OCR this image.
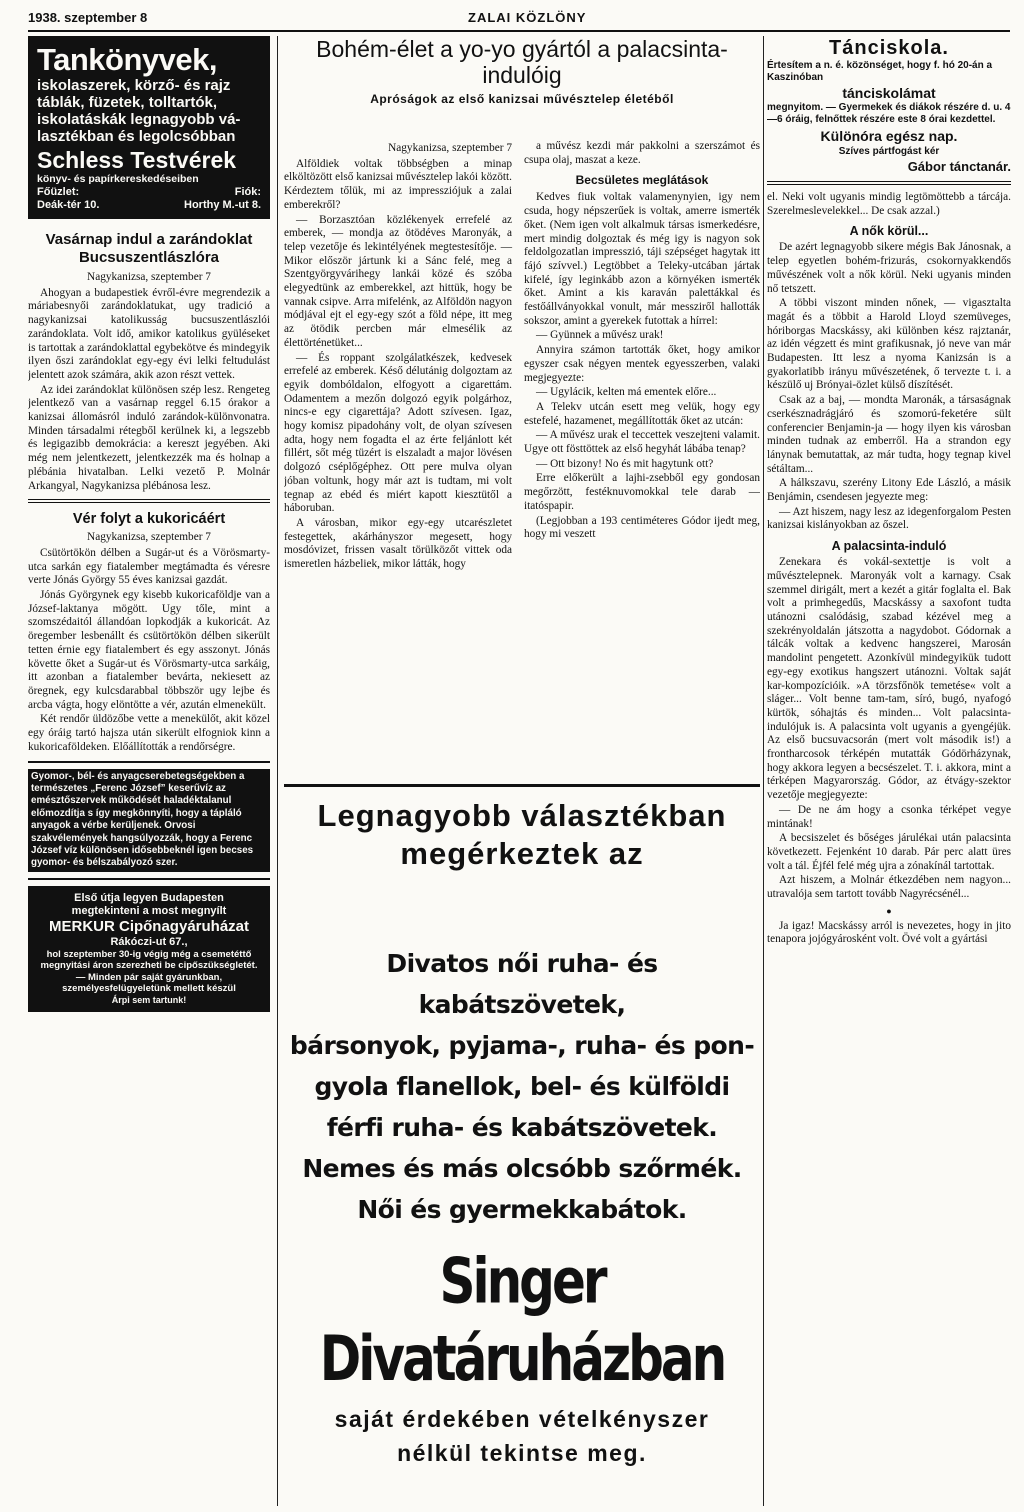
1938. szeptember 8	ZALAI KÖZLÖNY
Tankönyvek,
iskolaszerek, körző- és rajz
táblák, füzetek, tolltartók,
iskolatáskák legnagyobb vá-
lasztékban és legolcsóbban
Schless Testvérek
könyv- és papírkereskedéseiben
Főüzlet:	Fiók:
Deák-tér 10.	Horthy M.-ut 8.
Vasárnap indul a zarándoklat Bucsuszentlászlóra
Nagykanizsa, szeptember 7

Ahogyan a budapestiek évről-évre megrendezik a máriabesnyői zarándoklatukat, ugy tradició a nagykanizsai katolikusság bucsuszentlászlói zarándoklata. Volt idő, amikor katolikus gyüléseket is tartottak a zarándoklattal egybekötve és mindegyik ilyen őszi zarándoklat egy-egy évi lelki feltudulást jelentett azok számára, akik azon részt vettek.

Az idei zarándoklat különösen szép lesz. Rengeteg jelentkező van a vasárnap reggel 6.15 órakor a kanizsai állomásról induló zarándok-különvonatra. Minden társadalmi rétegből kerülnek ki, a legszebb és legigazibb demokrácia: a kereszt jegyében. Aki még nem jelentkezett, jelentkezzék ma és holnap a plébánia hivatalban. Lelki vezető P. Molnár Arkangyal, Nagykanizsa plébánosa lesz.

Vér folyt a kukoricáért
Nagykanizsa, szeptember 7

Csütörtökön délben a Sugár-ut és a Vörösmarty-utca sarkán egy fiatalember megtámadta és véresre verte Jónás György 55 éves kanizsai gazdát.

Jónás Györgynek egy kisebb kukoricaföldje van a József-laktanya mögött. Ugy tőle, mint a szomszédaitól állandóan lopkodják a kukoricát. Az öregember lesbenállt és csütörtökön délben sikerült tetten érnie egy fiatalembert és egy asszonyt. Jónás követte őket a Sugár-ut és Vörösmarty-utca sarkáig, itt azonban a fiatalember bevárta, nekiesett az öregnek, egy kulcsdarabbal többször ugy lejbe és arcba vágta, hogy elöntötte a vér, azután elmenekült.

Két rendőr üldözőbe vette a menekülőt, akit közel egy óráig tartó hajsza után sikerült elfogniok kinn a kukoricaföldeken. Előállították a rendőrségre.

Gyomor-, bél- és anyagcserebetegségekben a természetes „Ferenc József” keserűvíz az emésztőszervek működését haladéktalanul előmozdítja s így megkönnyíti, hogy a tápláló anyagok a vérbe kerüljenek. Orvosi szakvélemények hangsúlyozzák, hogy a Ferenc József víz különösen idősebbeknél igen becses gyomor- és bélszabályozó szer.

Első útja legyen Budapesten
megtekinteni a most megnyílt
MERKUR Cipőnagyáruházat
Rákóczi-ut 67.,
hol szeptember 30-ig végig még a csemetéttő megnyitási áron szerezheti be cipőszükségletét. — Minden pár saját gyárunkban, személyesfelügyeletünk mellett készül
Árpi sem tartunk!
Bohém-élet a yo-yo gyártól a palacsinta-indulóig
Apróságok az első kanizsai művésztelep életéből
Nagykanizsa, szeptember 7

Alföldiek voltak többségben a minap elköltözött első kanizsai művésztelep lakói között. Kérdeztem tőlük, mi az impressziójuk a zalai emberekről?

— Borzasztóan közlékenyek errefelé az emberek, — mondja az ötödéves Maronyák, a telep vezetője és lekintélyének megtestesítője. — Mikor először jártunk ki a Sánc felé, meg a Szentgyörgyvárihegy lankái közé és szóba elegyedtünk az emberekkel, azt hittük, hogy be vannak csipve. Arra mifelénk, az Alföldön nagyon módjával ejt el egy-egy szót a föld népe, itt meg az ötödik percben már elmesélik az élettörténetüket...

— És roppant szolgálatkészek, kedvesek errefelé az emberek. Késő délutánig dolgoztam az egyik dombóldalon, elfogyott a cigarettám. Odamentem a mezőn dolgozó egyik polgárhoz, nincs-e egy cigarettája? Adott szívesen. Igaz, hogy komisz pipadohány volt, de olyan szívesen adta, hogy nem fogadta el az érte feljánlott két fillért, sőt még tüzért is elszaladt a major lövésen dolgozó cséplőgéphez. Ott pere mulva olyan jóban voltunk, hogy már azt is tudtam, mi volt tegnap az ebéd és miért kapott kiesztütől a háboruban.

A városban, mikor egy-egy utcarészletet festegettek, akárhányszor megesett, hogy mosdóvizet, frissen vasalt törülközőt vittek oda ismeretlen házbeliek, mikor látták, hogy

a művész kezdi már pakkolni a szerszámot és csupa olaj, maszat a keze.

Becsületes meglátások

Kedves fiuk voltak valamenynyien, igy nem csuda, hogy népszerűek is voltak, amerre ismerték őket. (Nem igen volt alkalmuk társas ismerkedésre, mert mindig dolgoztak és még igy is nagyon sok feldolgozatlan impresszió, táji szépséget hagytak itt fájó szívvel.) Legtöbbet a Teleky-utcában jártak kifelé, így leginkább azon a környéken ismerték őket. Amint a kis karaván palettákkal és festőállványokkal vonult, már messziről hallották sokszor, amint a gyerekek futottak a hírrel:

— Gyünnek a művész urak!

Annyira számon tartották őket, hogy amikor egyszer csak négyen mentek egyesszerben, valaki megjegyezte:

— Ugylácik, kelten má ementek előre...

A Telekv utcán esett meg velük, hogy egy estefelé, hazamenet, megállították őket az utcán:

— A művész urak el teccettek veszejteni valamit. Ugye ott fösttöttek az első hegyhát lábába tenap?

— Ott bizony! No és mit hagytunk ott?

Erre előkerült a lajhi-zsebből egy gondosan megőrzött, festéknuvomokkal tele darab — itatóspapir.

(Legjobban a 193 centiméteres Gódor ijedt meg, hogy mi veszett

Legnagyobb választékban
megérkeztek az
Divatos női ruha- és kabátszövetek,
bársonyok, pyjama-, ruha- és pon-
gyola flanellok, bel- és külföldi
férfi ruha- és kabátszövetek.
Nemes és más olcsóbb szőrmék.
Női és gyermekkabátok.
Singer Divatáruházban
saját érdekében vételkényszer
nélkül tekintse meg.
Tánciskola.
Értesítem a n. é. közönséget, hogy f. hó 20-án a Kaszinóban
tánciskolámat
megnyitom. — Gyermekek és diákok részére d. u. 4—6 óráig, felnőttek részére este 8 órai kezdettel.
Különóra egész nap.
Szíves pártfogást kér
Gábor tánctanár.

el. Neki volt ugyanis mindig legtömöttebb a tárcája. Szerelmeslevelekkel... De csak azzal.)

A nők körül...

De azért legnagyobb sikere mégis Bak Jánosnak, a telep egyetlen bohém-frizurás, csokornyakkendős művészének volt a nők körül. Neki ugyanis minden nő tetszett.

A többi viszont minden nőnek, — vigasztalta magát és a többit a Harold Lloyd szemüveges, hóriborgas Macskássy, aki különben kész rajztanár, az idén végzett és mint grafikusnak, jó neve van már Budapesten. Itt lesz a nyoma Kanizsán is a gyakorlatibb irányu művészetének, ő tervezte t. i. a készülő uj Brónyai-özlet külső díszítését.

Csak az a baj, — mondta Maronák, a társaságnak cserkésznadrágjáró és szomorú-feketére sült conferencier Benjamin-ja — hogy ilyen kis városban minden tudnak az emberről. Ha a strandon egy lánynak bemutattak, az már tudta, hogy tegnap kivel sétáltam...

A hálkszavu, szerény Litony Ede László, a másik Benjámin, csendesen jegyezte meg:

— Azt hiszem, nagy lesz az idegenforgalom Pesten kanizsai kislányokban az őszel.

A palacsinta-induló

Zenekara és vokál-sextettje is volt a művésztelepnek. Maronyák volt a karnagy. Csak szemmel dirigált, mert a kezét a gitár foglalta el. Bak volt a primhegedűs, Macskássy a saxofont tudta utánozni csalódásig, szabad kézével meg a szekrényoldalán játszotta a nagydobot. Gódornak a tálcák voltak a kedvenc hangszerei, Marosán mandolint pengetett. Azonkívül mindegyikük tudott egy-egy exotikus hangszert utánozni. Voltak saját kar-kompozícióik. »A törzsfőnök temetése« volt a sláger... Volt benne tam-tam, síró, bugó, nyafogó kürtök, sóhajtás és minden... Volt palacsinta-indulójuk is. A palacsinta volt ugyanis a gyengéjük. Az első bucsuvacsorán (mert volt második is!) a frontharcosok térképén mutatták Gódörházynak, hogy akkora legyen a becsészelet. T. i. akkora, mint a térképen Magyarország. Gódor, az étvágy-szektor vezetője megjegyezte:

— De ne ám hogy a csonka térképet vegye mintának!

A becsiszelet és bőséges járulékai után palacsinta következett. Fejenként 10 darab. Pár perc alatt üres volt a tál. Éjfél felé még ujra a zónakínál tartottak.

Azt hiszem, a Molnár étkezdében nem nagyon... utravalója sem tartott tovább Nagyrécsénél...

●

Ja igaz! Macskássy arról is nevezetes, hogy in jito tenapora jojógyárosként volt. Övé volt a gyártási
